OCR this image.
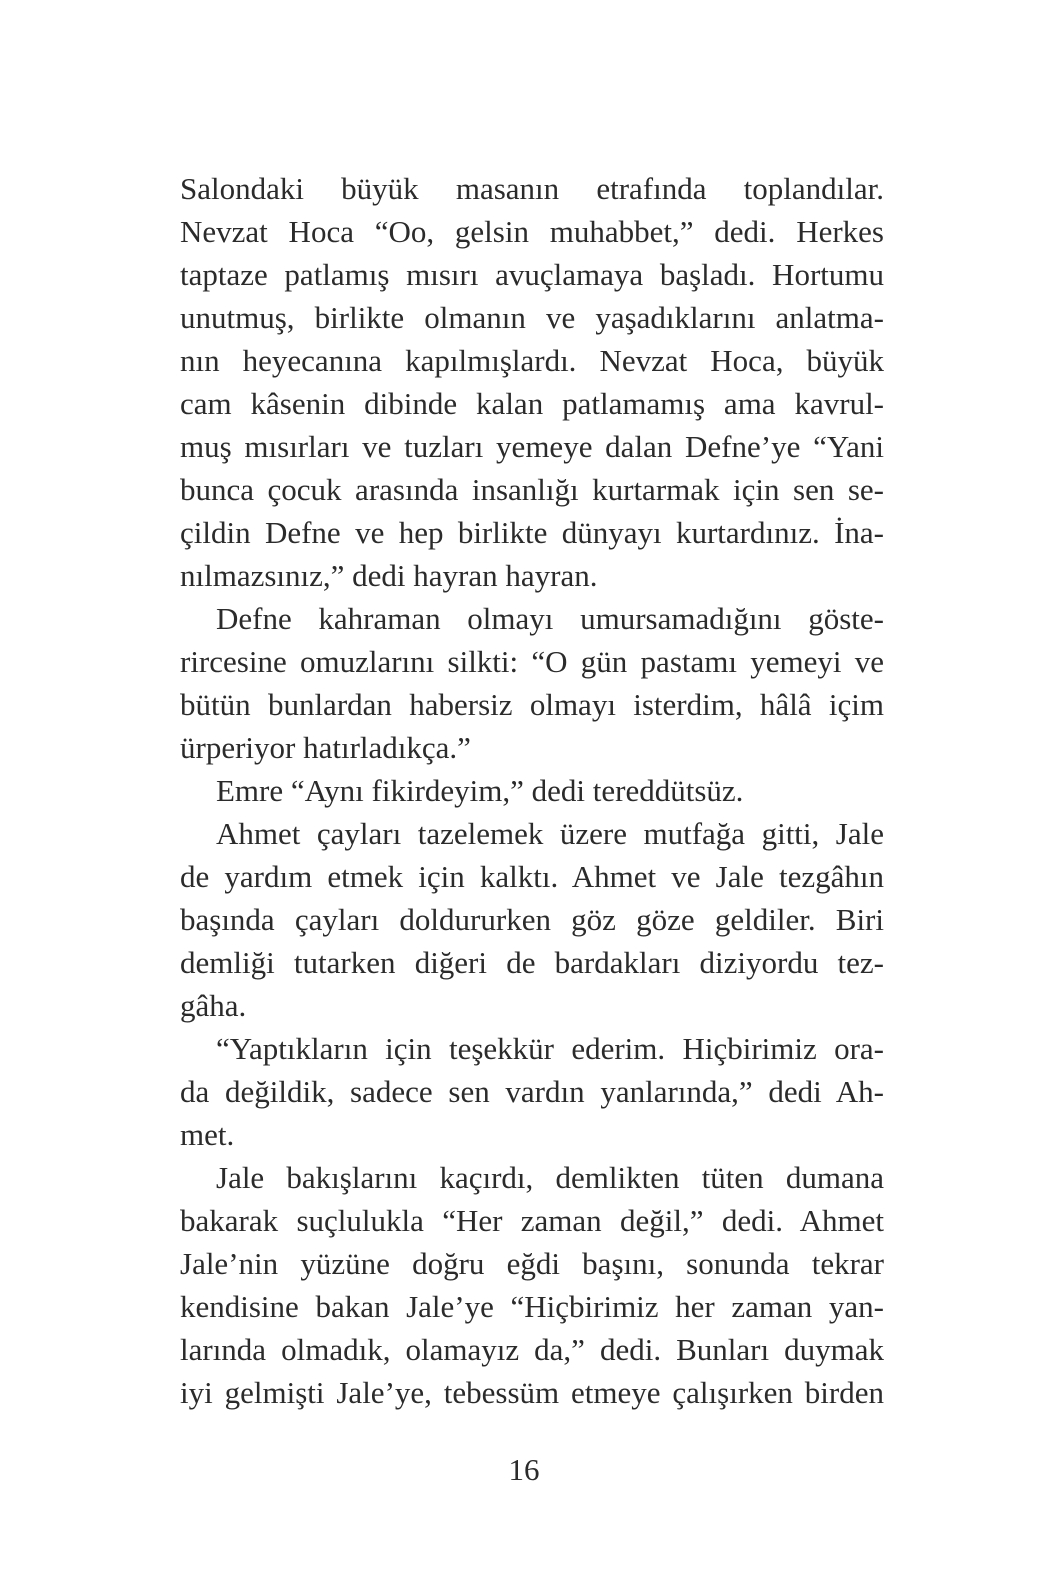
Salondaki büyük masanın etrafında toplandılar.
Nevzat Hoca “Oo, gelsin muhabbet,” dedi. Herkes
taptaze patlamış mısırı avuçlamaya başladı. Hortumu
unutmuş, birlikte olmanın ve yaşadıklarını anlatma-
nın heyecanına kapılmışlardı. Nevzat Hoca, büyük
cam kâsenin dibinde kalan patlamamış ama kavrul-
muş mısırları ve tuzları yemeye dalan Defne’ye “Yani
bunca çocuk arasında insanlığı kurtarmak için sen se-
çildin Defne ve hep birlikte dünyayı kurtardınız. İna-
nılmazsınız,” dedi hayran hayran.
Defne kahraman olmayı umursamadığını göste-
rircesine omuzlarını silkti: “O gün pastamı yemeyi ve
bütün bunlardan habersiz olmayı isterdim, hâlâ içim
ürperiyor hatırladıkça.”
Emre “Aynı fikirdeyim,” dedi tereddütsüz.
Ahmet çayları tazelemek üzere mutfağa gitti, Jale
de yardım etmek için kalktı. Ahmet ve Jale tezgâhın
başında çayları doldururken göz göze geldiler. Biri
demliği tutarken diğeri de bardakları diziyordu tez-
gâha.
“Yaptıkların için teşekkür ederim. Hiçbirimiz ora-
da değildik, sadece sen vardın yanlarında,” dedi Ah-
met.
Jale bakışlarını kaçırdı, demlikten tüten dumana
bakarak suçlulukla “Her zaman değil,” dedi. Ahmet
Jale’nin yüzüne doğru eğdi başını, sonunda tekrar
kendisine bakan Jale’ye “Hiçbirimiz her zaman yan-
larında olmadık, olamayız da,” dedi. Bunları duymak
iyi gelmişti Jale’ye, tebessüm etmeye çalışırken birden
16
